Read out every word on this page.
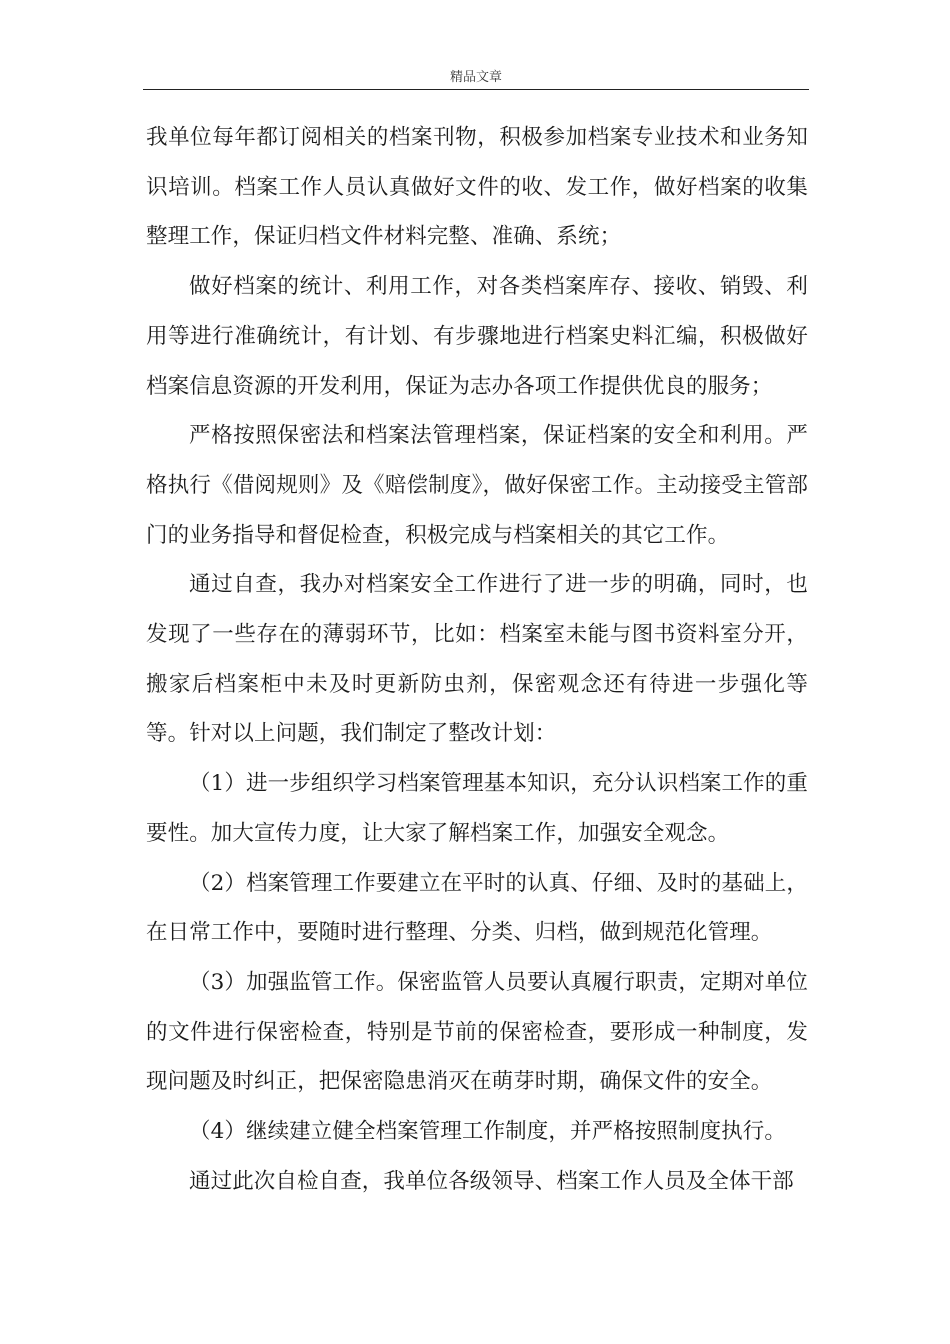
精品文章

我单位每年都订阅相关的档案刊物，积极参加档案专业技术和业务知识培训。档案工作人员认真做好文件的收、发工作，做好档案的收集整理工作，保证归档文件材料完整、准确、系统；

做好档案的统计、利用工作，对各类档案库存、接收、销毁、利用等进行准确统计，有计划、有步骤地进行档案史料汇编，积极做好档案信息资源的开发利用，保证为志办各项工作提供优良的服务；

严格按照保密法和档案法管理档案，保证档案的安全和利用。严格执行《借阅规则》及《赔偿制度》，做好保密工作。主动接受主管部门的业务指导和督促检查，积极完成与档案相关的其它工作。

通过自查，我办对档案安全工作进行了进一步的明确，同时，也发现了一些存在的薄弱环节，比如：档案室未能与图书资料室分开，搬家后档案柜中未及时更新防虫剂，保密观念还有待进一步强化等等。针对以上问题，我们制定了整改计划：

（1）进一步组织学习档案管理基本知识，充分认识档案工作的重要性。加大宣传力度，让大家了解档案工作，加强安全观念。

（2）档案管理工作要建立在平时的认真、仔细、及时的基础上，在日常工作中，要随时进行整理、分类、归档，做到规范化管理。

（3）加强监管工作。保密监管人员要认真履行职责，定期对单位的文件进行保密检查，特别是节前的保密检查，要形成一种制度，发现问题及时纠正，把保密隐患消灭在萌芽时期，确保文件的安全。

（4）继续建立健全档案管理工作制度，并严格按照制度执行。

通过此次自检自查，我单位各级领导、档案工作人员及全体干部
